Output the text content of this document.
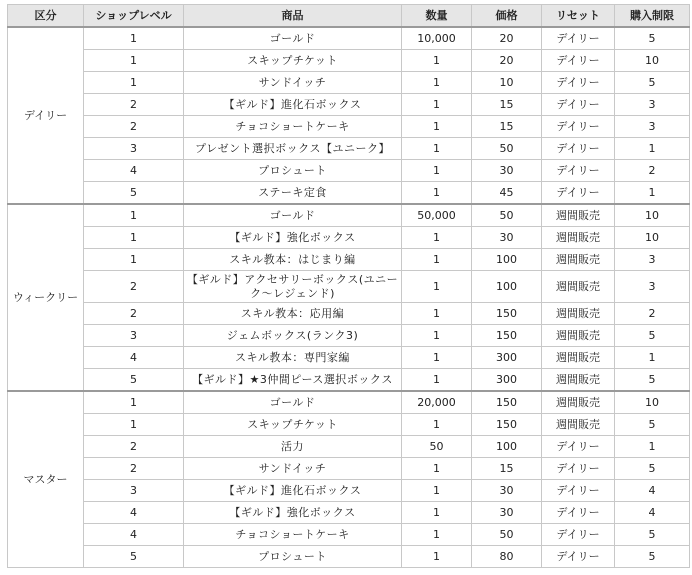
区分	ショップレベル	商品	数量	価格	リセット	購入制限
デイリー	1	ゴールド	10,000	20	デイリー	5
	1	スキップチケット	1	20	デイリー	10
	1	サンドイッチ	1	10	デイリー	5
	2	【ギルド】進化石ボックス	1	15	デイリー	3
	2	チョコショートケーキ	1	15	デイリー	3
	3	プレゼント選択ボックス【ユニーク】	1	50	デイリー	1
	4	プロシュート	1	30	デイリー	2
	5	ステーキ定食	1	45	デイリー	1
ウィークリー	1	ゴールド	50,000	50	週間販売	10
	1	【ギルド】強化ボックス	1	30	週間販売	10
	1	スキル教本：はじまり編	1	100	週間販売	3
	2	【ギルド】アクセサリーボックス(ユニーク～レジェンド)	1	100	週間販売	3
	2	スキル教本：応用編	1	150	週間販売	2
	3	ジェムボックス(ランク3)	1	150	週間販売	5
	4	スキル教本：専門家編	1	300	週間販売	1
	5	【ギルド】★3仲間ピース選択ボックス	1	300	週間販売	5
マスター	1	ゴールド	20,000	150	週間販売	10
	1	スキップチケット	1	150	週間販売	5
	2	活力	50	100	デイリー	1
	2	サンドイッチ	1	15	デイリー	5
	3	【ギルド】進化石ボックス	1	30	デイリー	4
	4	【ギルド】強化ボックス	1	30	デイリー	4
	4	チョコショートケーキ	1	50	デイリー	5
	5	プロシュート	1	80	デイリー	5
